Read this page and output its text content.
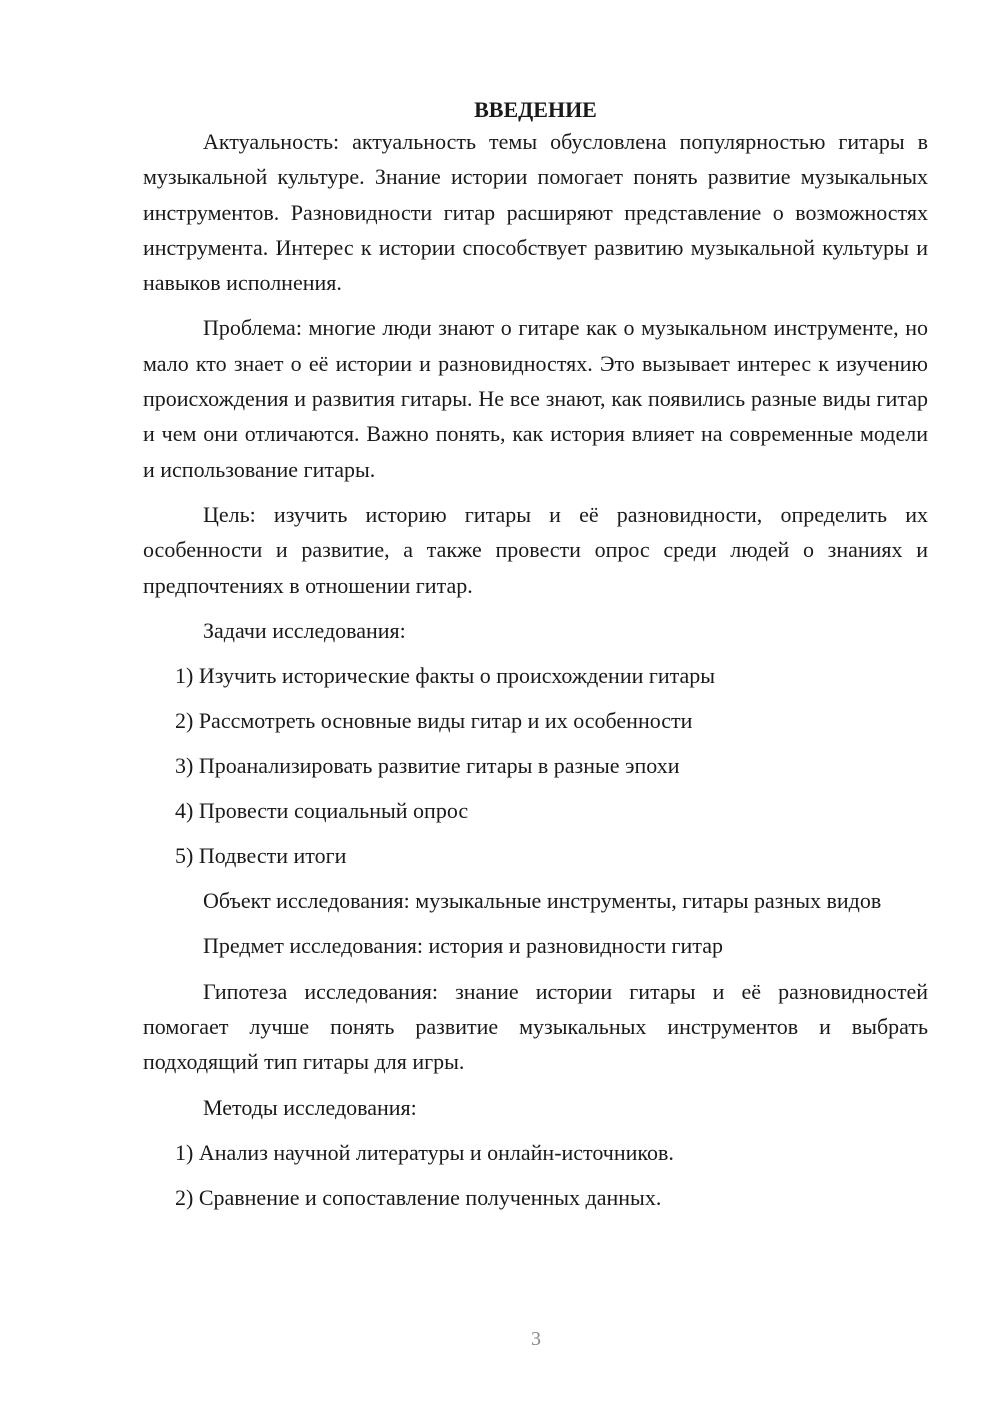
ВВЕДЕНИЕ

Актуальность: актуальность темы обусловлена популярностью гитары в музыкальной культуре. Знание истории помогает понять развитие музыкальных инструментов. Разновидности гитар расширяют представление о возможностях инструмента. Интерес к истории способствует развитию музыкальной культуры и навыков исполнения.

Проблема: многие люди знают о гитаре как о музыкальном инструменте, но мало кто знает о её истории и разновидностях. Это вызывает интерес к изучению происхождения и развития гитары. Не все знают, как появились разные виды гитар и чем они отличаются. Важно понять, как история влияет на современные модели и использование гитары.

Цель: изучить историю гитары и её разновидности, определить их особенности и развитие, а также провести опрос среди людей о знаниях и предпочтениях в отношении гитар.

Задачи исследования:

1) Изучить исторические факты о происхождении гитары
2) Рассмотреть основные виды гитар и их особенности
3) Проанализировать развитие гитары в разные эпохи
4) Провести социальный опрос
5) Подвести итоги

Объект исследования: музыкальные инструменты, гитары разных видов

Предмет исследования: история и разновидности гитар

Гипотеза исследования: знание истории гитары и её разновидностей помогает лучше понять развитие музыкальных инструментов и выбрать подходящий тип гитары для игры.

Методы исследования:

1) Анализ научной литературы и онлайн-источников.
2) Сравнение и сопоставление полученных данных.
3
